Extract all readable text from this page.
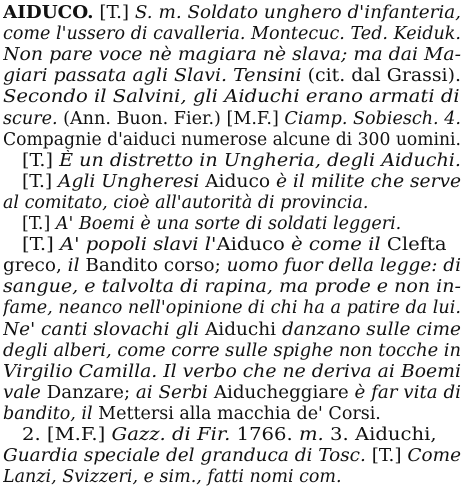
AIDUCO. [T.] S. m. Soldato unghero d'infanteria,
come l'ussero di cavalleria. Montecuc. Ted. Keiduk.
Non pare voce nè magiara nè slava; ma dai Ma-
giari passata agli Slavi. Tensini (cit. dal Grassi).
Secondo il Salvini, gli Aiduchi erano armati di
scure. (Ann. Buon. Fier.) [M.F.] Ciamp. Sobiesch. 4.
Compagnie d'aiduci numerose alcune di 300 uomini.
[T.] È un distretto in Ungheria, degli Aiduchi.
[T.] Agli Ungheresi Aiduco è il milite che serve
al comitato, cioè all'autorità di provincia.
[T.] A' Boemi è una sorte di soldati leggeri.
[T.] A' popoli slavi l'Aiduco è come il Clefta
greco, il Bandito corso; uomo fuor della legge: di
sangue, e talvolta di rapina, ma prode e non in-
fame, neanco nell'opinione di chi ha a patire da lui.
Ne' canti slovachi gli Aiduchi danzano sulle cime
degli alberi, come corre sulle spighe non tocche in
Virgilio Camilla. Il verbo che ne deriva ai Boemi
vale Danzare; ai Serbi Aiducheggiare è far vita di
bandito, il Mettersi alla macchia de' Corsi.
2. [M.F.] Gazz. di Fir. 1766. m. 3. Aiduchi,
Guardia speciale del granduca di Tosc. [T.] Come
Lanzi, Svizzeri, e sim., fatti nomi com.
